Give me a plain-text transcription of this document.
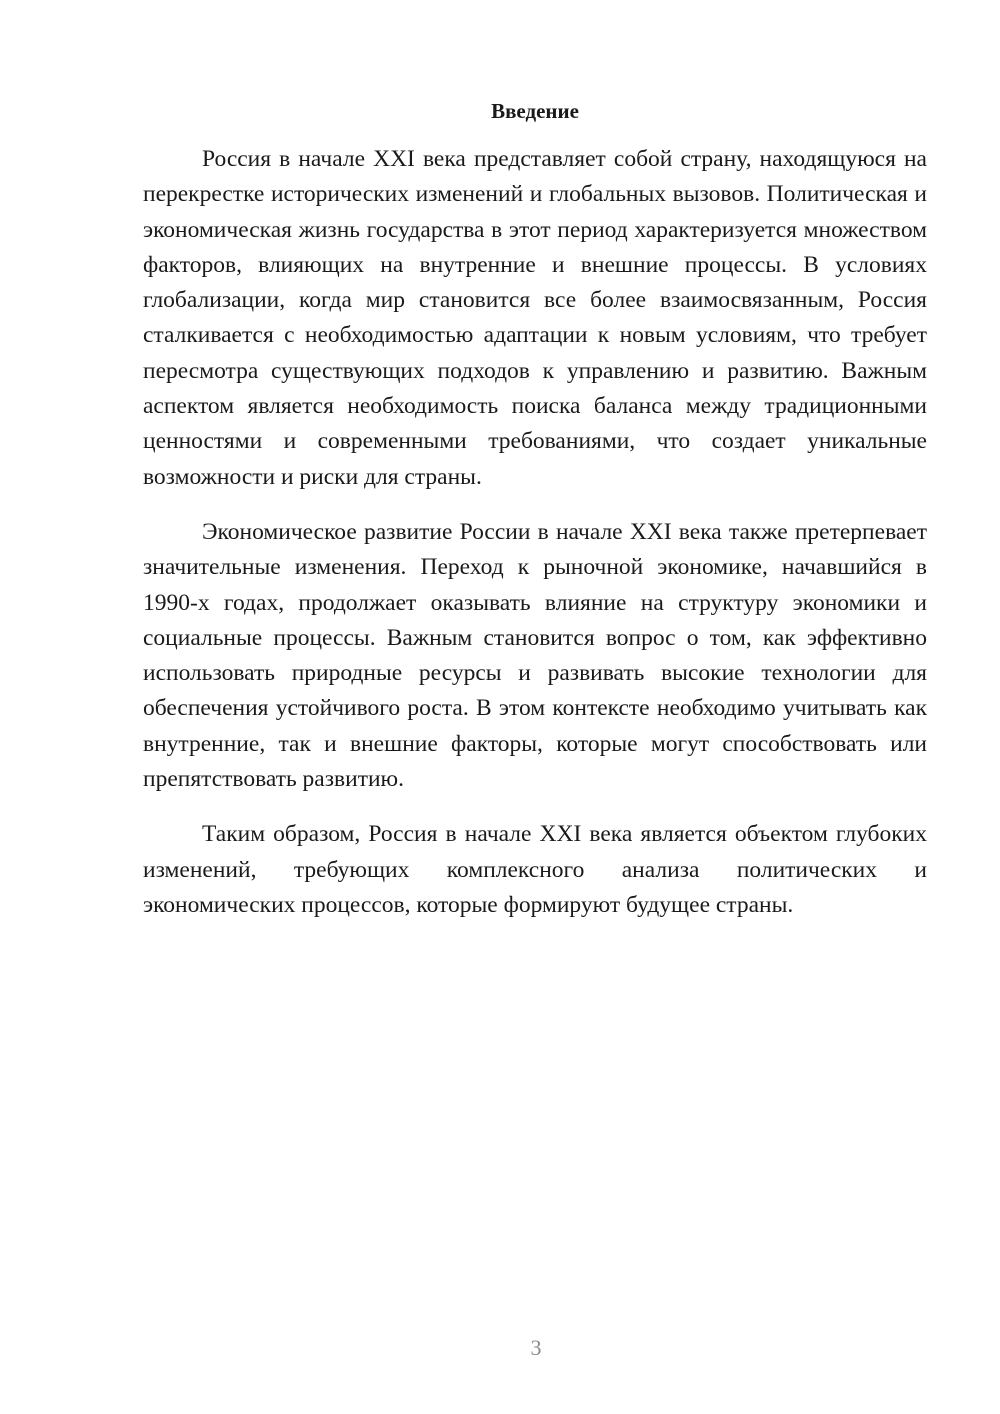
Введение

Россия в начале XXI века представляет собой страну, находящуюся на перекрестке исторических изменений и глобальных вызовов. Политическая и экономическая жизнь государства в этот период характеризуется множеством факторов, влияющих на внутренние и внешние процессы. В условиях глобализации, когда мир становится все более взаимосвязанным, Россия сталкивается с необходимостью адаптации к новым условиям, что требует пересмотра существующих подходов к управлению и развитию. Важным аспектом является необходимость поиска баланса между традиционными ценностями и современными требованиями, что создает уникальные возможности и риски для страны.

Экономическое развитие России в начале XXI века также претерпевает значительные изменения. Переход к рыночной экономике, начавшийся в 1990-х годах, продолжает оказывать влияние на структуру экономики и социальные процессы. Важным становится вопрос о том, как эффективно использовать природные ресурсы и развивать высокие технологии для обеспечения устойчивого роста. В этом контексте необходимо учитывать как внутренние, так и внешние факторы, которые могут способствовать или препятствовать развитию.

Таким образом, Россия в начале XXI века является объектом глубоких изменений, требующих комплексного анализа политических и экономических процессов, которые формируют будущее страны.

3
